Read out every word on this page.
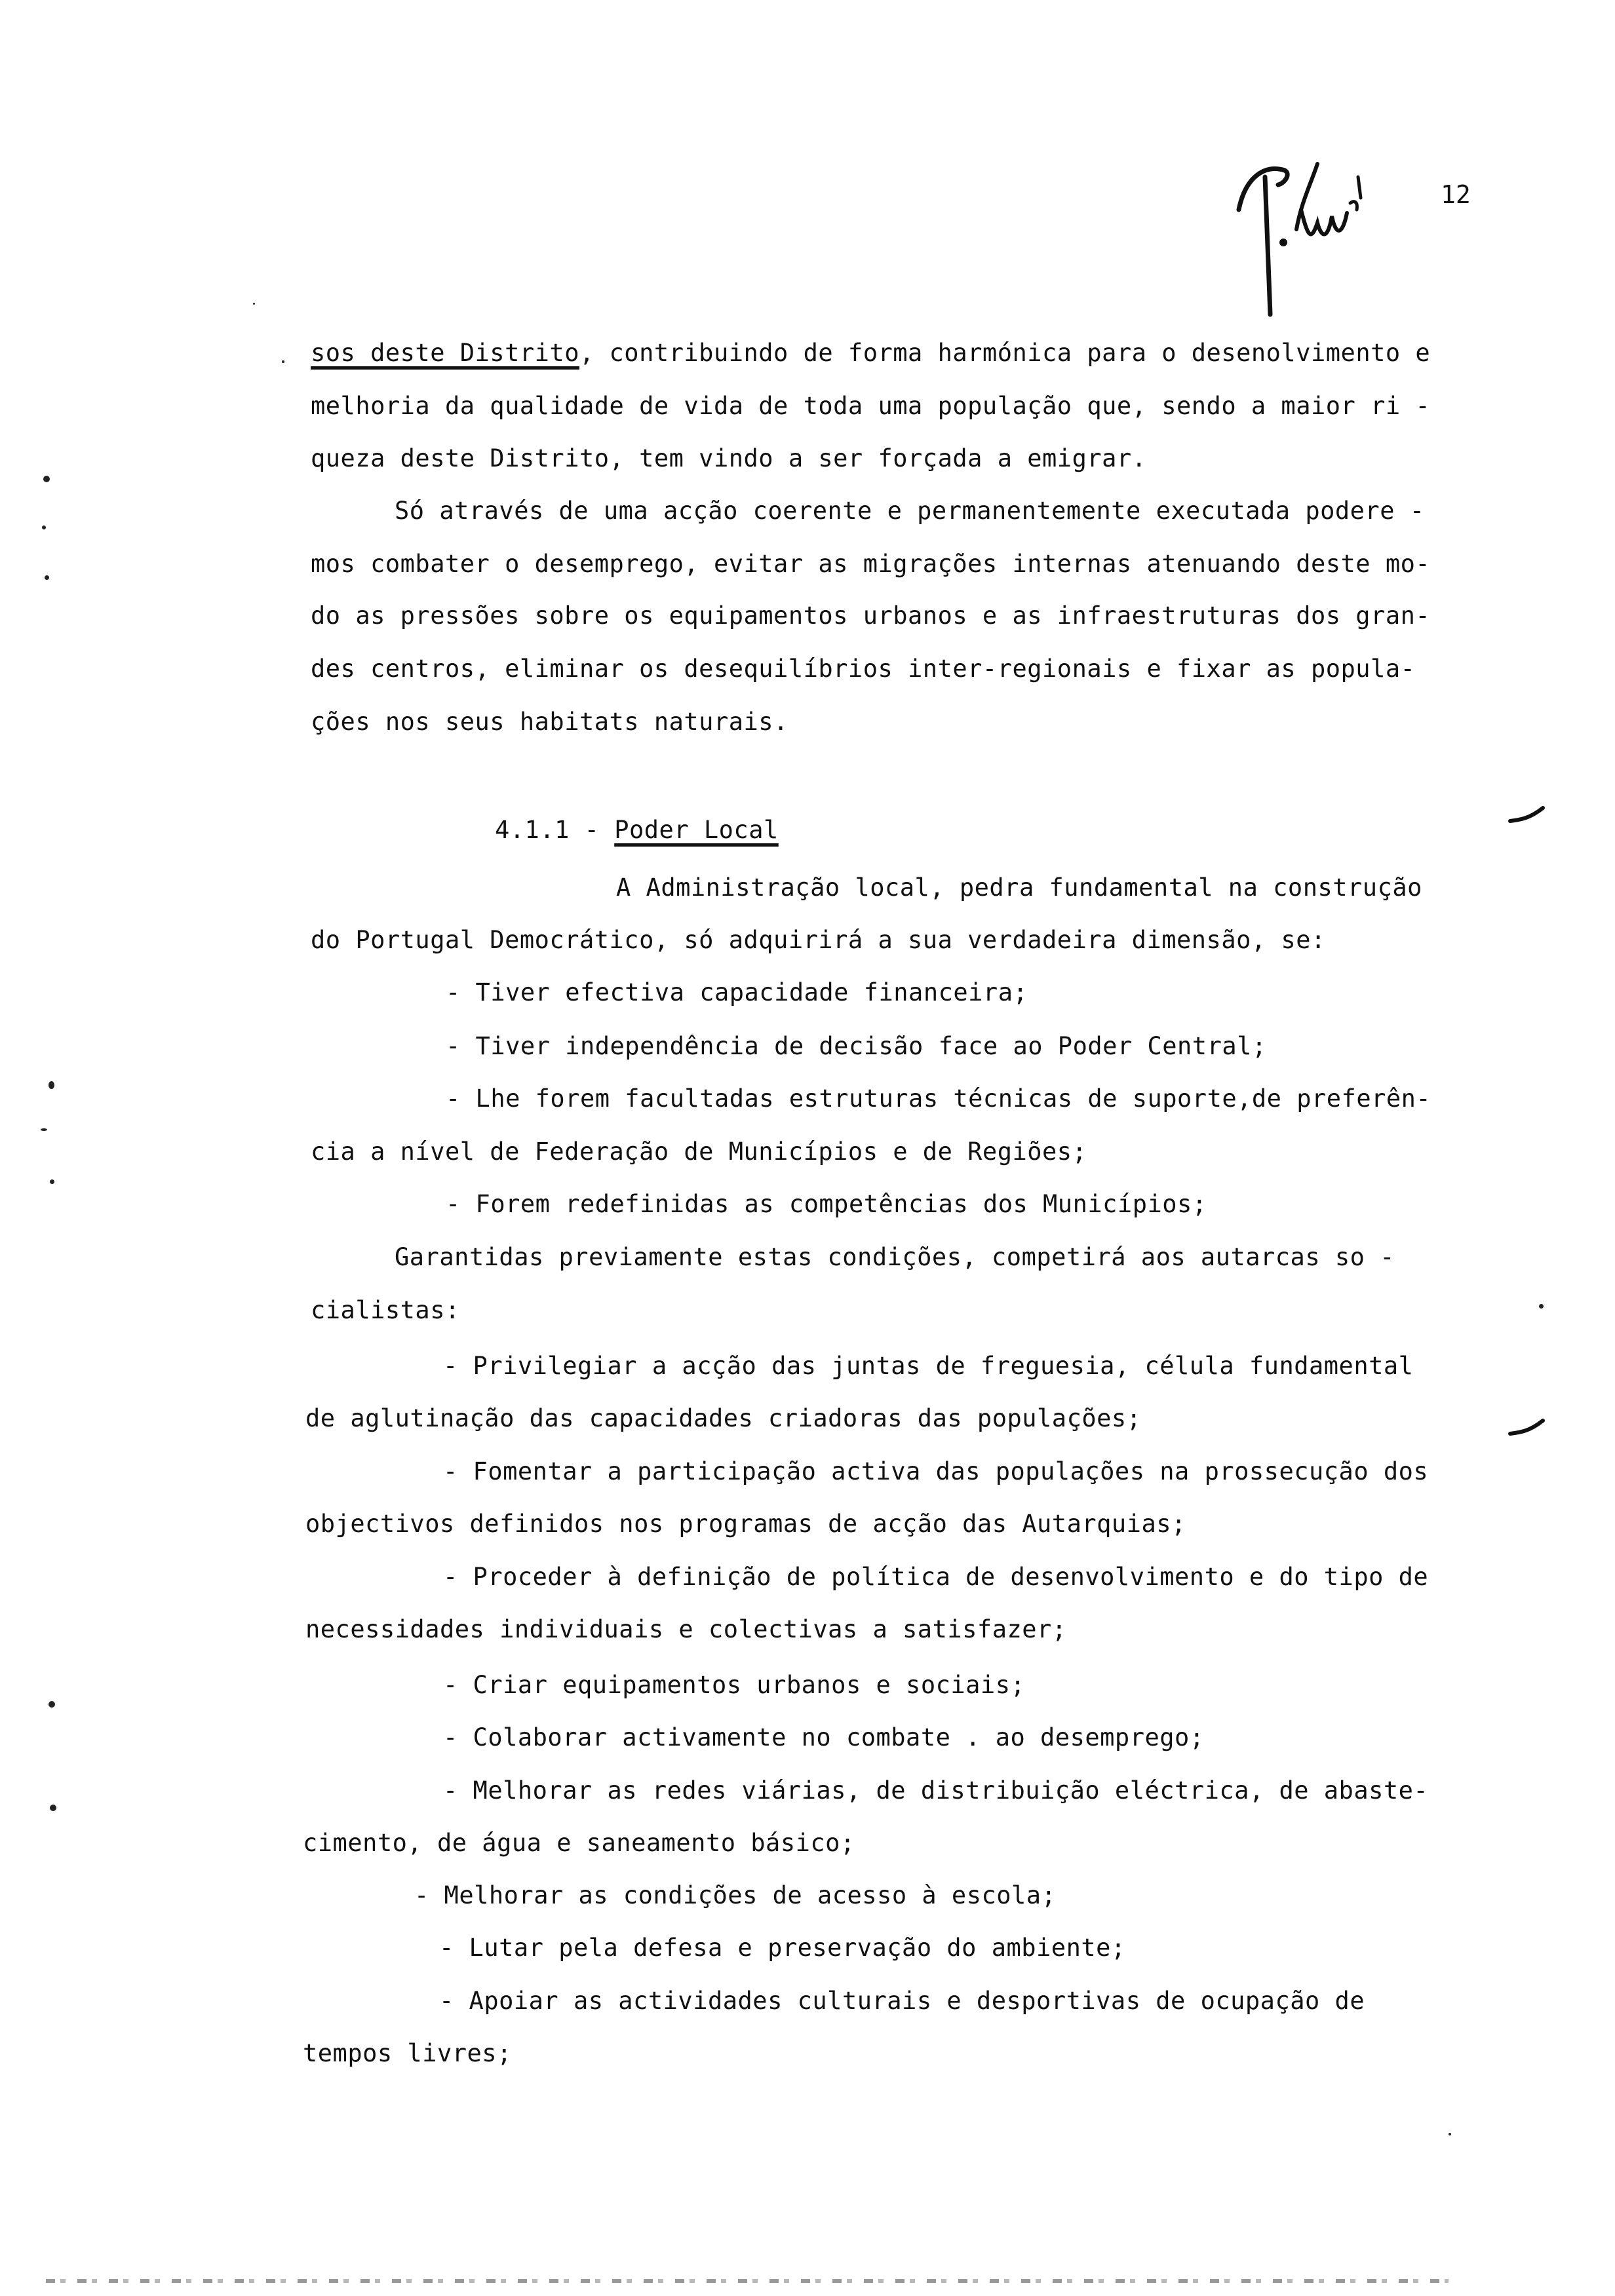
12
sos deste Distrito, contribuindo de forma harmónica para o desenolvimento e
melhoria da qualidade de vida de toda uma população que, sendo a maior ri -
queza deste Distrito, tem vindo a ser forçada a emigrar.
Só através de uma acção coerente e permanentemente executada podere -
mos combater o desemprego, evitar as migrações internas atenuando deste mo-
do as pressões sobre os equipamentos urbanos e as infraestruturas dos gran-
des centros, eliminar os desequilíbrios inter-regionais e fixar as popula-
ções nos seus habitats naturais.
4.1.1 - Poder Local
A Administração local, pedra fundamental na construção
do Portugal Democrático, só adquirirá a sua verdadeira dimensão, se:
- Tiver efectiva capacidade financeira;
- Tiver independência de decisão face ao Poder Central;
- Lhe forem facultadas estruturas técnicas de suporte,de preferên-
cia a nível de Federação de Municípios e de Regiões;
- Forem redefinidas as competências dos Municípios;
Garantidas previamente estas condições, competirá aos autarcas so -
cialistas:
- Privilegiar a acção das juntas de freguesia, célula fundamental
de aglutinação das capacidades criadoras das populações;
- Fomentar a participação activa das populações na prossecução dos
objectivos definidos nos programas de acção das Autarquias;
- Proceder à definição de política de desenvolvimento e do tipo de
necessidades individuais e colectivas a satisfazer;
- Criar equipamentos urbanos e sociais;
- Colaborar activamente no combate . ao desemprego;
- Melhorar as redes viárias, de distribuição eléctrica, de abaste-
cimento, de água e saneamento básico;
- Melhorar as condições de acesso à escola;
- Lutar pela defesa e preservação do ambiente;
- Apoiar as actividades culturais e desportivas de ocupação de
tempos livres;
